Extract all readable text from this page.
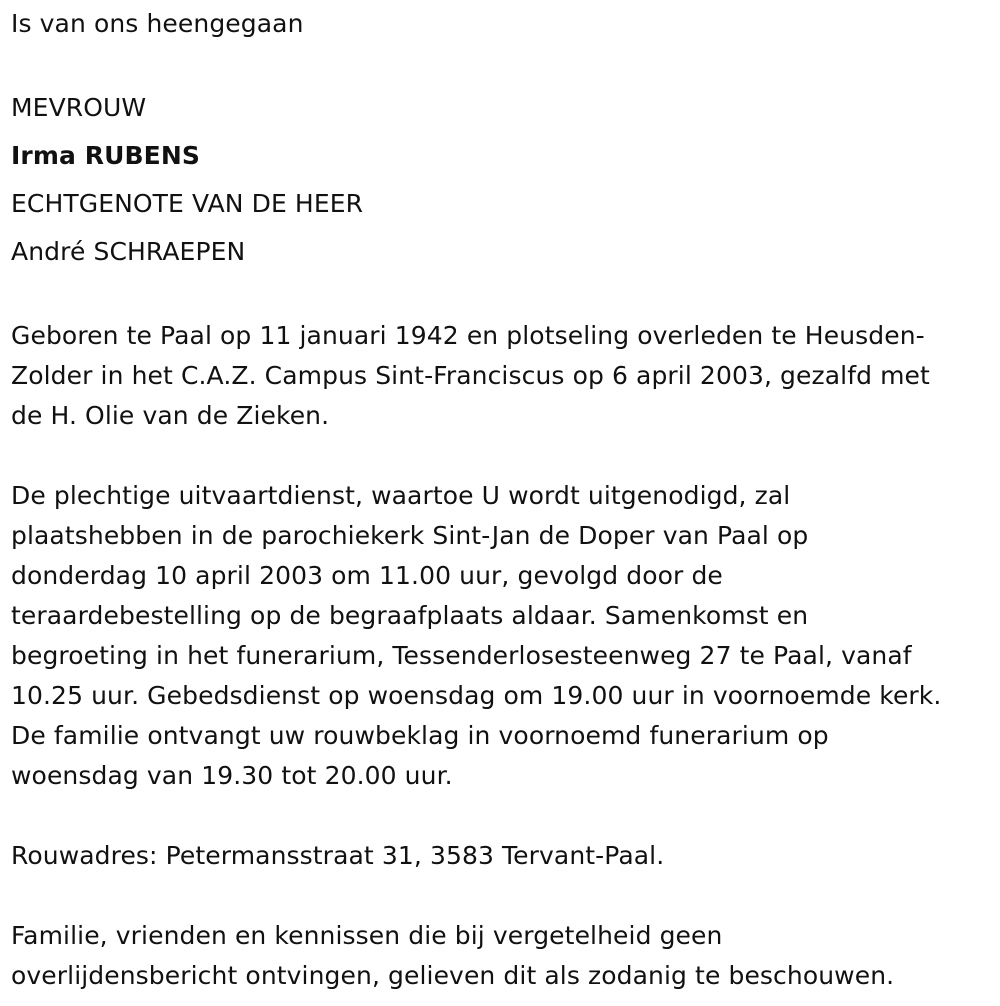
Is van ons heengegaan
MEVROUW
Irma RUBENS
ECHTGENOTE VAN DE HEER
André SCHRAEPEN
Geboren te Paal op 11 januari 1942 en plotseling overleden te Heusden-
Zolder in het C.A.Z. Campus Sint-Franciscus op 6 april 2003, gezalfd met
de H. Olie van de Zieken.
De plechtige uitvaartdienst, waartoe U wordt uitgenodigd, zal
plaatshebben in de parochiekerk Sint-Jan de Doper van Paal op
donderdag 10 april 2003 om 11.00 uur, gevolgd door de
teraardebestelling op de begraafplaats aldaar. Samenkomst en
begroeting in het funerarium, Tessenderlosesteenweg 27 te Paal, vanaf
10.25 uur. Gebedsdienst op woensdag om 19.00 uur in voornoemde kerk.
De familie ontvangt uw rouwbeklag in voornoemd funerarium op
woensdag van 19.30 tot 20.00 uur.
Rouwadres: Petermansstraat 31, 3583 Tervant-Paal.
Familie, vrienden en kennissen die bij vergetelheid geen
overlijdensbericht ontvingen, gelieven dit als zodanig te beschouwen.
